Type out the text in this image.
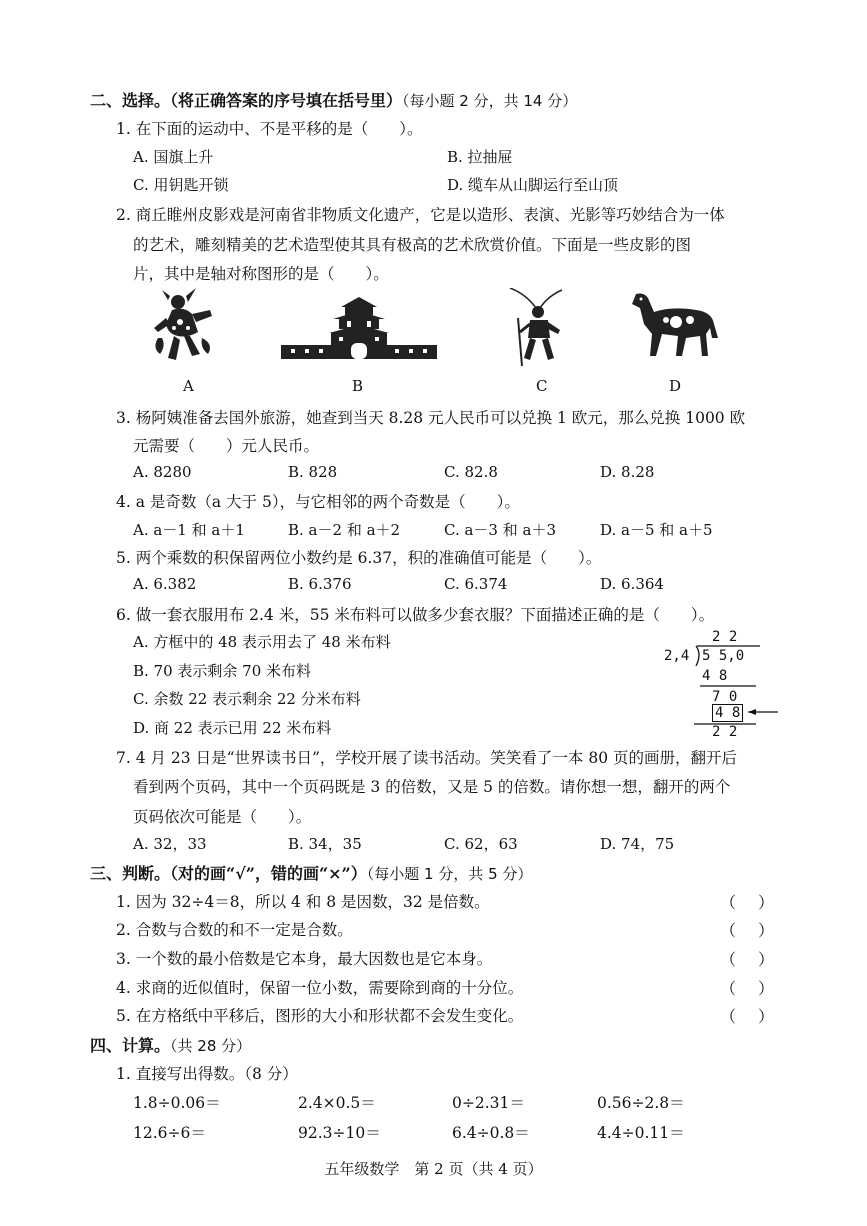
二、选择。（将正确答案的序号填在括号里）（每小题 2 分，共 14 分）
1. 在下面的运动中、不是平移的是（　　）。
A. 国旗上升	B. 拉抽屉
C. 用钥匙开锁	D. 缆车从山脚运行至山顶
2. 商丘睢州皮影戏是河南省非物质文化遗产，它是以造形、表演、光影等巧妙结合为一体
的艺术，雕刻精美的艺术造型使其具有极高的艺术欣赏价值。下面是一些皮影的图
片，其中是轴对称图形的是（　　）。
A	B	C	D
3. 杨阿姨准备去国外旅游，她查到当天 8.28 元人民币可以兑换 1 欧元，那么兑换 1000 欧
元需要（　　）元人民币。
A. 8280	B. 828	C. 82.8	D. 8.28
4. a 是奇数（a 大于 5），与它相邻的两个奇数是（　　）。
A. a－1 和 a＋1	B. a－2 和 a＋2	C. a－3 和 a＋3	D. a－5 和 a＋5
5. 两个乘数的积保留两位小数约是 6.37，积的准确值可能是（　　）。
A. 6.382	B. 6.376	C. 6.374	D. 6.364
6. 做一套衣服用布 2.4 米，55 米布料可以做多少套衣服？下面描述正确的是（　　）。
A. 方框中的 48 表示用去了 48 米布料
B. 70 表示剩余 70 米布料
C. 余数 22 表示剩余 22 分米布料
D. 商 22 表示已用 22 米布料
2 2
2,4 5 5,0
4 8
7 0
4 8
2 2
7. 4 月 23 日是“世界读书日”，学校开展了读书活动。笑笑看了一本 80 页的画册，翻开后
看到两个页码，其中一个页码既是 3 的倍数，又是 5 的倍数。请你想一想，翻开的两个
页码依次可能是（　　）。
A. 32，33	B. 34，35	C. 62，63	D. 74，75
三、判断。（对的画“√”，错的画“×”）（每小题 1 分，共 5 分）
1. 因为 32÷4＝8，所以 4 和 8 是因数，32 是倍数。	（ ）
2. 合数与合数的和不一定是合数。	（ ）
3. 一个数的最小倍数是它本身，最大因数也是它本身。	（ ）
4. 求商的近似值时，保留一位小数，需要除到商的十分位。	（ ）
5. 在方格纸中平移后，图形的大小和形状都不会发生变化。	（ ）
四、计算。（共 28 分）
1. 直接写出得数。（8 分）
1.8÷0.06＝	2.4×0.5＝	0÷2.31＝	0.56÷2.8＝
12.6÷6＝	92.3÷10＝	6.4÷0.8＝	4.4÷0.11＝
五年级数学　第 2 页（共 4 页）
